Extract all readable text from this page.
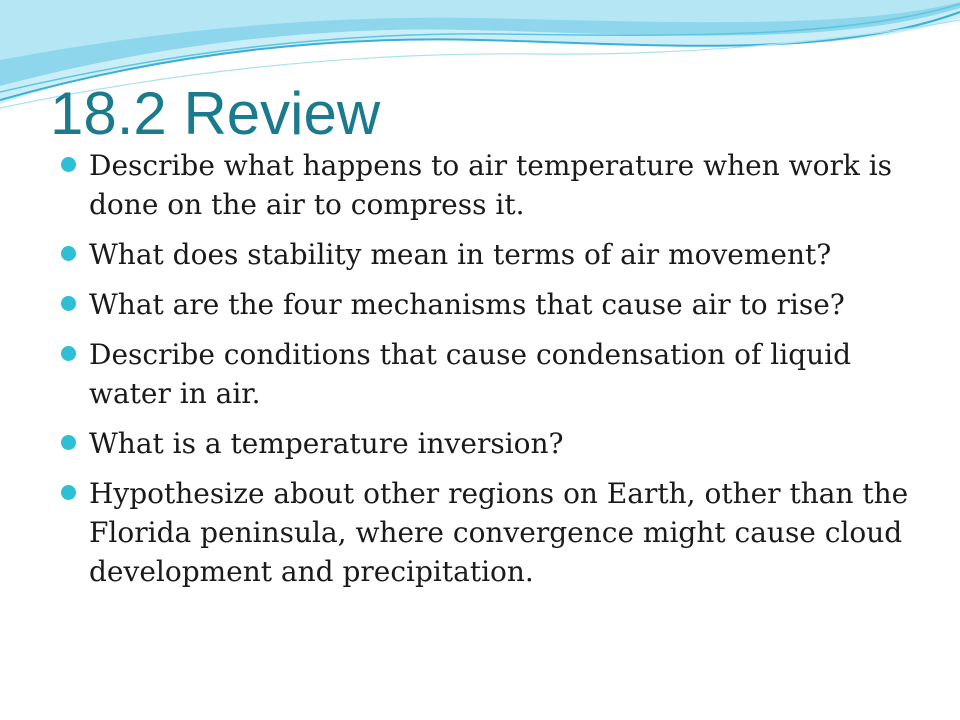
18.2 Review
Describe what happens to air temperature when work is done on the air to compress it.
What does stability mean in terms of air movement?
What are the four mechanisms that cause air to rise?
Describe conditions that cause condensation of liquid water in air.
What is a temperature inversion?
Hypothesize about other regions on Earth, other than the Florida peninsula, where convergence might cause cloud development and precipitation.
